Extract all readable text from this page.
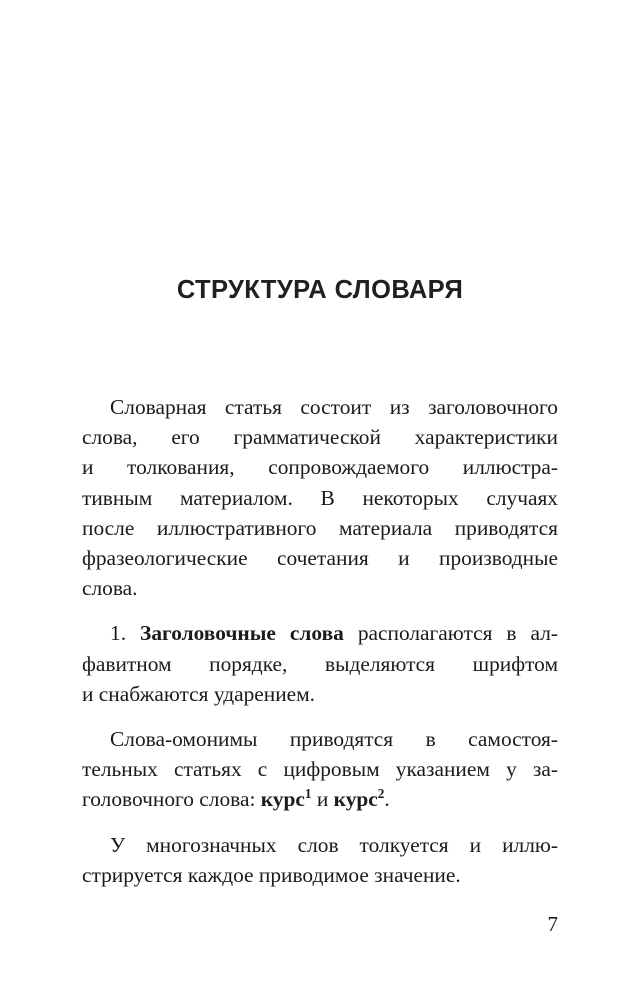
СТРУКТУРА СЛОВАРЯ

Словарная статья состоит из заголовочного
слова, его грамматической характеристики
и толкования, сопровождаемого иллюстра-
тивным материалом. В некоторых случаях
после иллюстративного материала приводятся
фразеологические сочетания и производные
слова.

1. Заголовочные слова располагаются в ал-
фавитном порядке, выделяются шрифтом
и снабжаются ударением.

Слова-омонимы приводятся в самостоя-
тельных статьях с цифровым указанием у за-
головочного слова: курс$^1$ и курс$^2$.

У многозначных слов толкуется и иллю-
стрируется каждое приводимое значение.

7
